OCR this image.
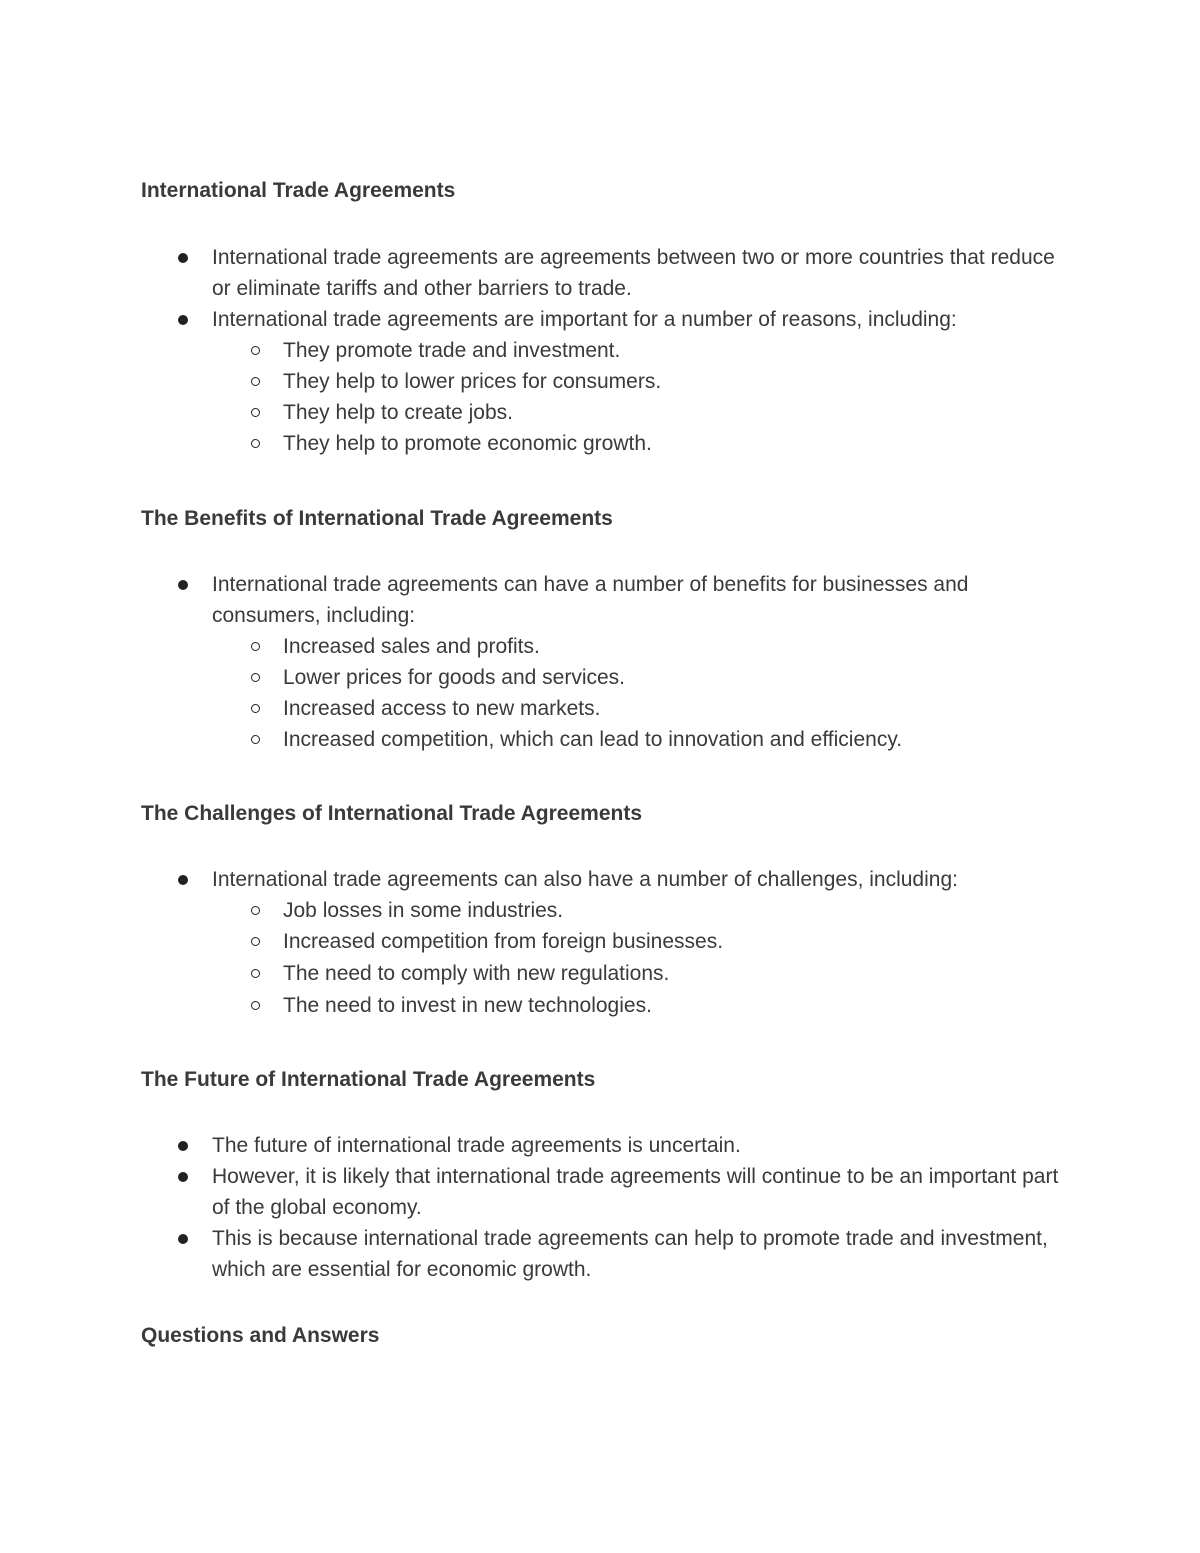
International Trade Agreements
International trade agreements are agreements between two or more countries that reduce or eliminate tariffs and other barriers to trade.
International trade agreements are important for a number of reasons, including:
They promote trade and investment.
They help to lower prices for consumers.
They help to create jobs.
They help to promote economic growth.
The Benefits of International Trade Agreements
International trade agreements can have a number of benefits for businesses and consumers, including:
Increased sales and profits.
Lower prices for goods and services.
Increased access to new markets.
Increased competition, which can lead to innovation and efficiency.
The Challenges of International Trade Agreements
International trade agreements can also have a number of challenges, including:
Job losses in some industries.
Increased competition from foreign businesses.
The need to comply with new regulations.
The need to invest in new technologies.
The Future of International Trade Agreements
The future of international trade agreements is uncertain.
However, it is likely that international trade agreements will continue to be an important part of the global economy.
This is because international trade agreements can help to promote trade and investment, which are essential for economic growth.
Questions and Answers
